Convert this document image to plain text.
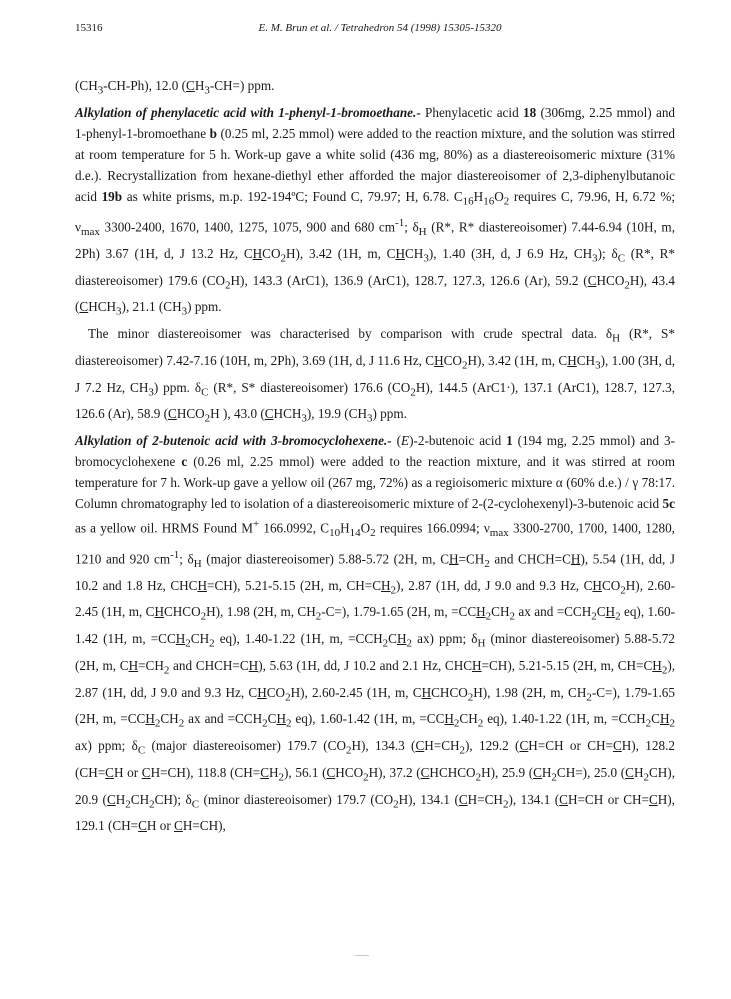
15316	E. M. Brun et al. / Tetrahedron 54 (1998) 15305-15320

$(CH_3-CH-Ph)$, 12.0 $(CH_3-CH=)$ ppm.

Alkylation of phenylacetic acid with 1-phenyl-1-bromoethane.- Phenylacetic acid 18 (306mg, 2.25 mmol) and 1-phenyl-1-bromoethane b (0.25 ml, 2.25 mmol) were added to the reaction mixture, and the solution was stirred at room temperature for 5 h. Work-up gave a white solid (436 mg, 80%) as a diastereoisomeric mixture (31% d.e.). Recrystallization from hexane-diethyl ether afforded the major diastereoisomer of 2,3-diphenylbutanoic acid 19b as white prisms, m.p. 192-194ºC; Found C, 79.97; H, 6.78. $C_{16}H_{16}O_2$ requires C, 79.96, H, 6.72 %; $\nu_{max}$ 3300-2400, 1670, 1400, 1275, 1075, 900 and 680 $cm^{-1}$; $\delta_H$ (R*, R* diastereoisomer) 7.44-6.94 (10H, m, 2Ph) 3.67 (1H, d, J 13.2 Hz, $CHCO_2H$), 3.42 (1H, m, $CHCH_3$), 1.40 (3H, d, J 6.9 Hz, $CH_3$); $\delta_C$ (R*, R* diastereoisomer) 179.6 $(CO_2H)$, 143.3 (ArC1), 136.9 (ArC1), 128.7, 127.3, 126.6 (Ar), 59.2 $(CHCO_2H)$, 43.4 $(CHCH_3)$, 21.1 $(CH_3)$ ppm.

The minor diastereoisomer was characterised by comparison with crude spectral data. $\delta_H$ (R*, S* diastereoisomer) 7.42-7.16 (10H, m, 2Ph), 3.69 (1H, d, J 11.6 Hz, $CHCO_2H$), 3.42 (1H, m, $CHCH_3$), 1.00 (3H, d, J 7.2 Hz, $CH_3$) ppm. $\delta_C$ (R*, S* diastereoisomer) 176.6 $(CO_2H)$, 144.5 (ArC1·), 137.1 (ArC1), 128.7, 127.3, 126.6 (Ar), 58.9 ($CHCO_2H$ ), 43.0 $(CHCH_3)$, 19.9 $(CH_3)$ ppm.

Alkylation of 2-butenoic acid with 3-bromocyclohexene.- (E)-2-butenoic acid 1 (194 mg, 2.25 mmol) and 3-bromocyclohexene c (0.26 ml, 2.25 mmol) were added to the reaction mixture, and it was stirred at room temperature for 7 h. Work-up gave a yellow oil (267 mg, 72%) as a regioisomeric mixture α (60% d.e.) / γ 78:17. Column chromatography led to isolation of a diastereoisomeric mixture of 2-(2-cyclohexenyl)-3-butenoic acid 5c as a yellow oil. HRMS Found M+ 166.0992, $C_{10}H_{14}O_2$ requires 166.0994; $\nu_{max}$ 3300-2700, 1700, 1400, 1280, 1210 and 920 $cm^{-1}$; $\delta_H$ (major diastereoisomer) 5.88-5.72 (2H, m, $CH=CH_2$ and CHCH=CH), 5.54 (1H, dd, J 10.2 and 1.8 Hz, CHCH=CH), 5.21-5.15 (2H, m, $CH=CH_2$), 2.87 (1H, dd, J 9.0 and 9.3 Hz, $CHCO_2H$), 2.60-2.45 (1H, m, $CHCHCO_2H$), 1.98 (2H, m, $CH_2-C=$), 1.79-1.65 (2H, m, $=CCH_2CH_2$ ax and $=CCH_2CH_2$ eq), 1.60-1.42 (1H, m, $=CCH_2CH_2$ eq), 1.40-1.22 (1H, m, $=CCH_2CH_2$ ax) ppm; $\delta_H$ (minor diastereoisomer) 5.88-5.72 (2H, m, $CH=CH_2$ and CHCH=CH), 5.63 (1H, dd, J 10.2 and 2.1 Hz, CHCH=CH), 5.21-5.15 (2H, m, $CH=CH_2$), 2.87 (1H, dd, J 9.0 and 9.3 Hz, $CHCO_2H$), 2.60-2.45 (1H, m, $CHCHCO_2H$), 1.98 (2H, m, $CH_2-C=$), 1.79-1.65 (2H, m, $=CCH_2CH_2$ ax and $=CCH_2CH_2$ eq), 1.60-1.42 (1H, m, $=CCH_2CH_2$ eq), 1.40-1.22 (1H, m, $=CCH_2CH_2$ ax) ppm; $\delta_C$ (major diastereoisomer) 179.7 $(CO_2H)$, 134.3 $(CH=CH_2)$, 129.2 (CH=CH or CH=CH), 128.2 (CH=CH or CH=CH), 118.8 $(CH=CH_2)$, 56.1 $(CHCO_2H)$, 37.2 $(CHCHCO_2H)$, 25.9 $(CH_2CH=)$, 25.0 $(CH_2CH)$, 20.9 $(CH_2CH_2CH)$; $\delta_C$ (minor diastereoisomer) 179.7 $(CO_2H)$, 134.1 $(CH=CH_2)$, 134.1 (CH=CH or CH=CH), 129.1 (CH=CH or CH=CH),
